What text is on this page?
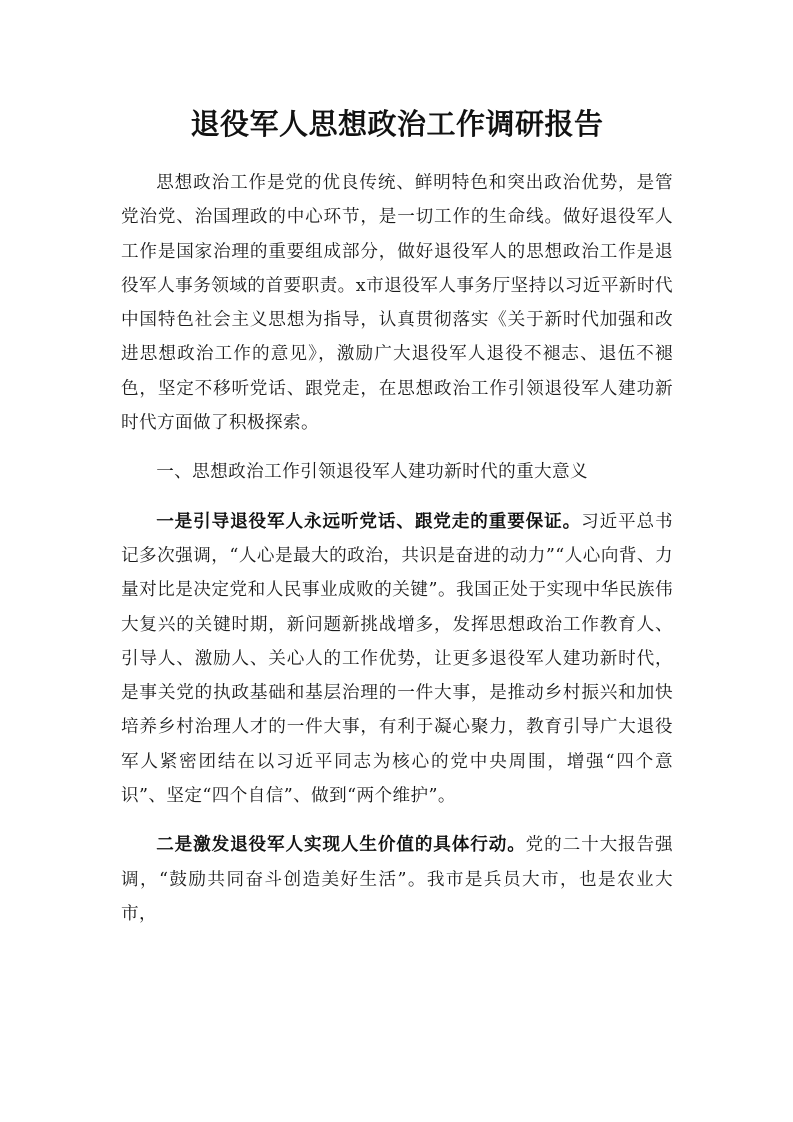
退役军人思想政治工作调研报告

思想政治工作是党的优良传统、鲜明特色和突出政治优势，是管党治党、治国理政的中心环节，是一切工作的生命线。做好退役军人工作是国家治理的重要组成部分，做好退役军人的思想政治工作是退役军人事务领域的首要职责。x市退役军人事务厅坚持以习近平新时代中国特色社会主义思想为指导，认真贯彻落实《关于新时代加强和改进思想政治工作的意见》，激励广大退役军人退役不褪志、退伍不褪色，坚定不移听党话、跟党走，在思想政治工作引领退役军人建功新时代方面做了积极探索。

一、思想政治工作引领退役军人建功新时代的重大意义

一是引导退役军人永远听党话、跟党走的重要保证。习近平总书记多次强调，“人心是最大的政治，共识是奋进的动力”“人心向背、力量对比是决定党和人民事业成败的关键”。我国正处于实现中华民族伟大复兴的关键时期，新问题新挑战增多，发挥思想政治工作教育人、引导人、激励人、关心人的工作优势，让更多退役军人建功新时代，是事关党的执政基础和基层治理的一件大事，是推动乡村振兴和加快培养乡村治理人才的一件大事，有利于凝心聚力，教育引导广大退役军人紧密团结在以习近平同志为核心的党中央周围，增强“四个意识”、坚定“四个自信”、做到“两个维护”。

二是激发退役军人实现人生价值的具体行动。党的二十大报告强调，“鼓励共同奋斗创造美好生活”。我市是兵员大市，也是农业大市，
